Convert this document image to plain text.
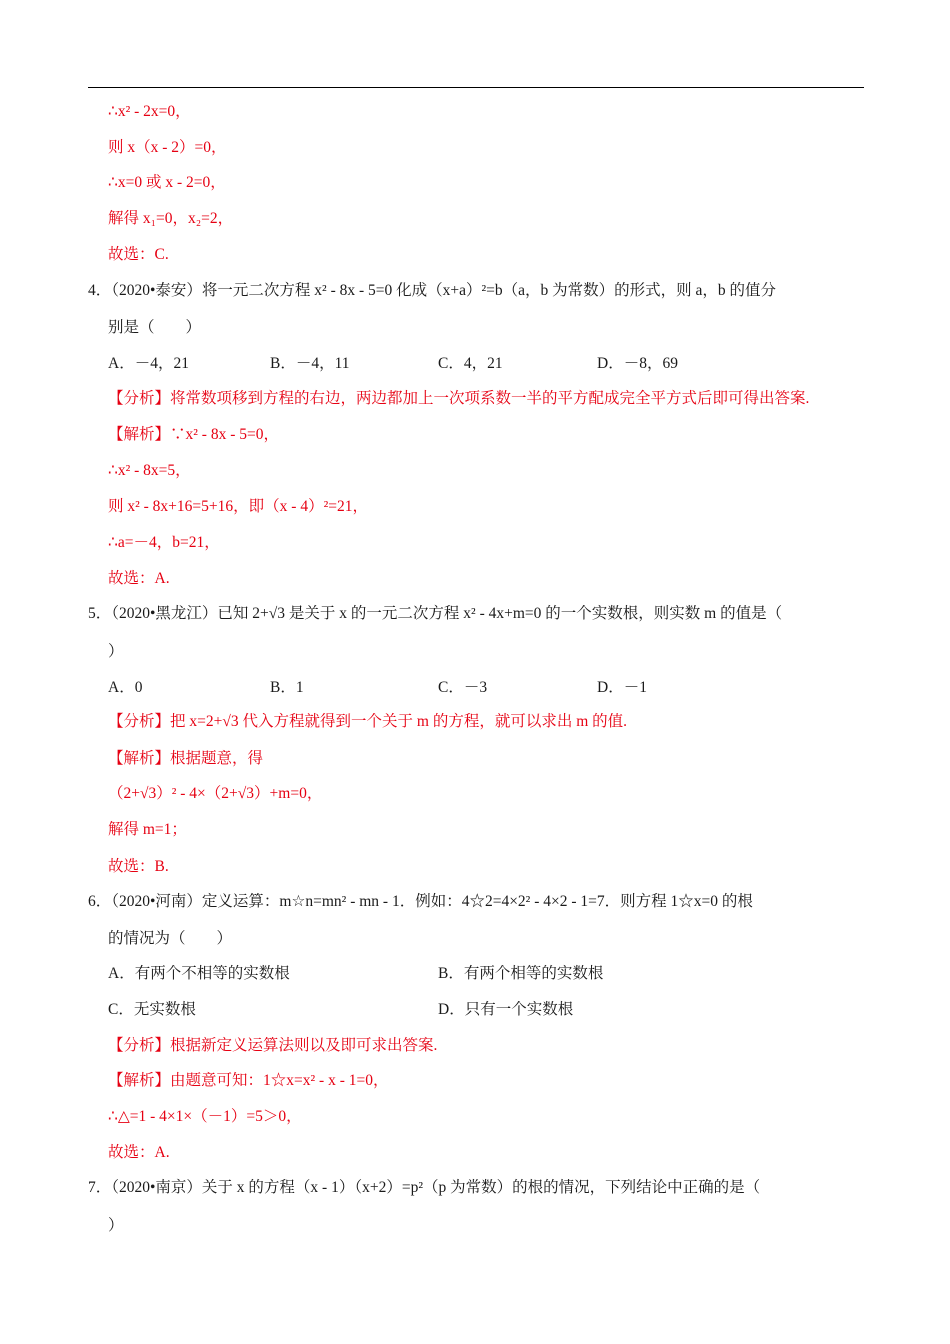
∴x² - 2x=0，
则 x（x - 2）=0，
∴x=0 或 x - 2=0，
解得 x₁=0，x₂=2，
故选：C.
4．（2020•泰安）将一元二次方程 x² - 8x - 5=0 化成（x+a）²=b（a，b 为常数）的形式，则 a，b 的值分
别是（　　）
A．－4，21	B．－4，11	C．4，21	D．－8，69
【分析】将常数项移到方程的右边，两边都加上一次项系数一半的平方配成完全平方式后即可得出答案.
【解析】∵x² - 8x - 5=0，
∴x² - 8x=5，
则 x² - 8x+16=5+16，即（x - 4）²=21，
∴a=－4，b=21，
故选：A.
5．（2020•黑龙江）已知 2+√3 是关于 x 的一元二次方程 x² - 4x+m=0 的一个实数根，则实数 m 的值是（
）
A．0	B．1	C．－3	D．－1
【分析】把 x=2+√3 代入方程就得到一个关于 m 的方程，就可以求出 m 的值.
【解析】根据题意，得
（2+√3）² - 4×（2+√3）+m=0，
解得 m=1；
故选：B.
6．（2020•河南）定义运算：m☆n=mn² - mn - 1．例如：4☆2=4×2² - 4×2 - 1=7．则方程 1☆x=0 的根
的情况为（　　）
A．有两个不相等的实数根	B．有两个相等的实数根
C．无实数根	D．只有一个实数根
【分析】根据新定义运算法则以及即可求出答案.
【解析】由题意可知：1☆x=x² - x - 1=0，
∴△=1 - 4×1×（－1）=5＞0，
故选：A.
7．（2020•南京）关于 x 的方程（x - 1）（x+2）=p²（p 为常数）的根的情况，下列结论中正确的是（
）
